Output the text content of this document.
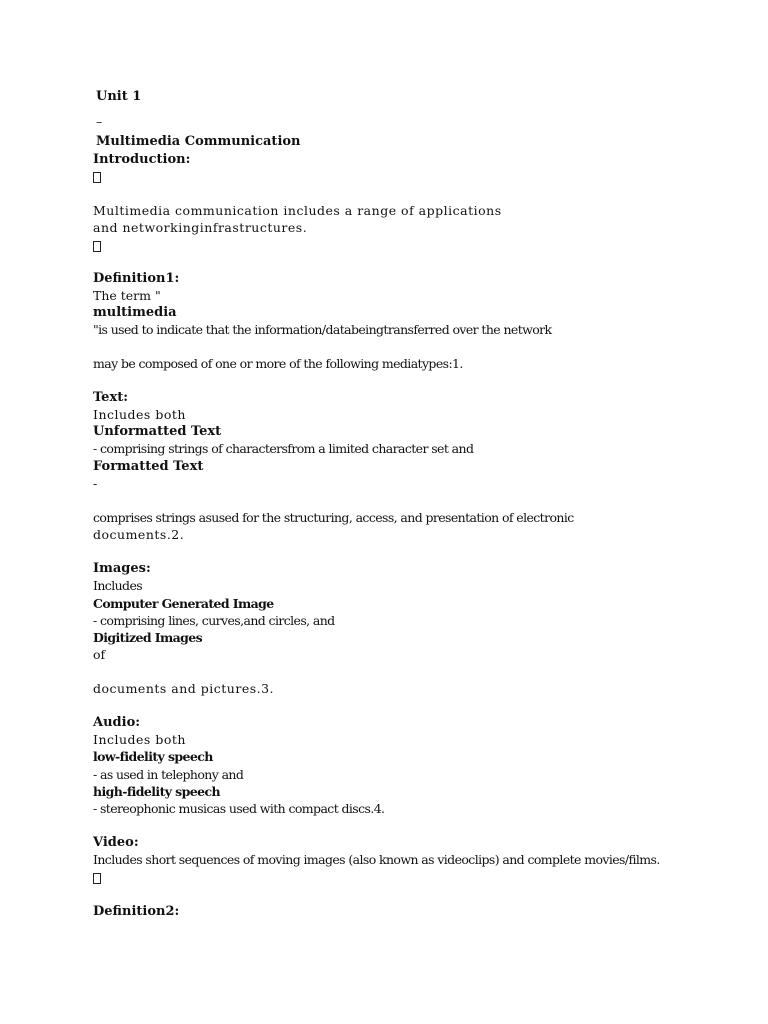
Unit 1
–
Multimedia Communication
Introduction:
Multimedia communication includes a range of applications
and networkinginfrastructures.
Definition1:
The term "
multimedia
"is used to indicate that the information/databeingtransferred over the network
may be composed of one or more of the following mediatypes:1.
Text:
Includes both
Unformatted Text
- comprising strings of charactersfrom a limited character set and
Formatted Text
-
comprises strings asused for the structuring, access, and presentation of electronic
documents.2.
Images:
Includes
Computer Generated Image
- comprising lines, curves,and circles, and
Digitized Images
of
documents and pictures.3.
Audio:
Includes both
low-fidelity speech
- as used in telephony and
high-fidelity speech
- stereophonic musicas used with compact discs.4.
Video:
Includes short sequences of moving images (also known as videoclips) and complete movies/films.
Definition2:
